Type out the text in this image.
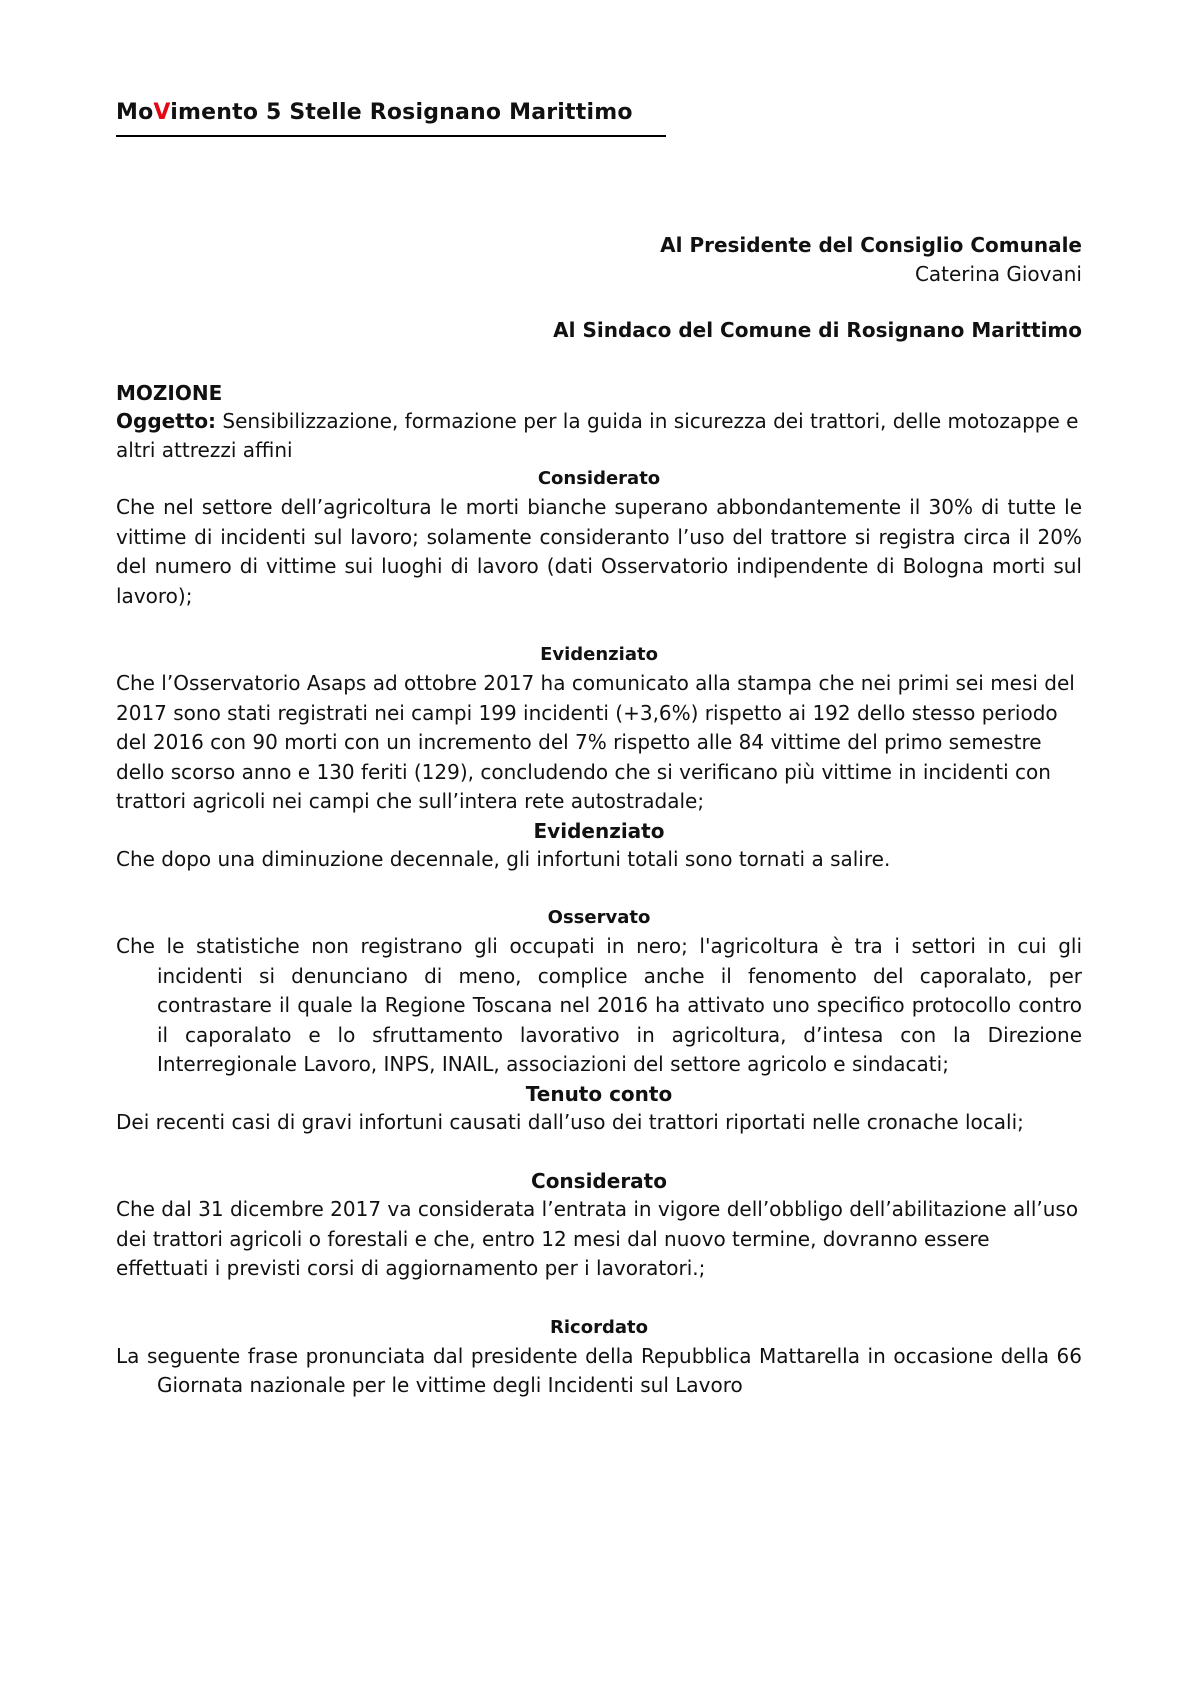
MoVimento 5 Stelle Rosignano Marittimo
Al Presidente del Consiglio Comunale
Caterina Giovani
Al Sindaco del Comune di Rosignano Marittimo
MOZIONE
Oggetto: Sensibilizzazione, formazione per la guida in sicurezza dei trattori, delle motozappe e altri attrezzi affini
Considerato

Che nel settore dell’agricoltura le morti bianche superano abbondantemente il 30% di tutte le vittime di incidenti sul lavoro; solamente consideranto l’uso del trattore si registra circa il 20% del numero di vittime sui luoghi di lavoro (dati Osservatorio indipendente di Bologna morti sul lavoro);

Evidenziato

Che l’Osservatorio Asaps ad ottobre 2017 ha comunicato alla stampa che nei primi sei mesi del 2017 sono stati registrati nei campi 199 incidenti (+3,6%) rispetto ai 192 dello stesso periodo del 2016 con 90 morti con un incremento del 7% rispetto alle 84 vittime del primo semestre dello scorso anno e 130 feriti (129), concludendo che si verificano più vittime in incidenti con trattori agricoli nei campi che sull’intera rete autostradale;

Evidenziato

Che dopo una diminuzione decennale, gli infortuni totali sono tornati a salire.

Osservato

Che le statistiche non registrano gli occupati in nero; l'agricoltura è tra i settori in cui gli incidenti si denunciano di meno, complice anche il fenomento del caporalato, per contrastare il quale la Regione Toscana nel 2016 ha attivato uno specifico protocollo contro il caporalato e lo sfruttamento lavorativo in agricoltura, d’intesa con la Direzione Interregionale Lavoro, INPS, INAIL, associazioni del settore agricolo e sindacati;

Tenuto conto

Dei recenti casi di gravi infortuni causati dall’uso dei trattori riportati nelle cronache locali;

Considerato

Che dal 31 dicembre 2017 va considerata l’entrata in vigore dell’obbligo dell’abilitazione all’uso dei trattori agricoli o forestali e che, entro 12 mesi dal nuovo termine, dovranno essere effettuati i previsti corsi di aggiornamento per i lavoratori.;

Ricordato

La seguente frase pronunciata dal presidente della Repubblica Mattarella in occasione della 66 Giornata nazionale per le vittime degli Incidenti sul Lavoro
